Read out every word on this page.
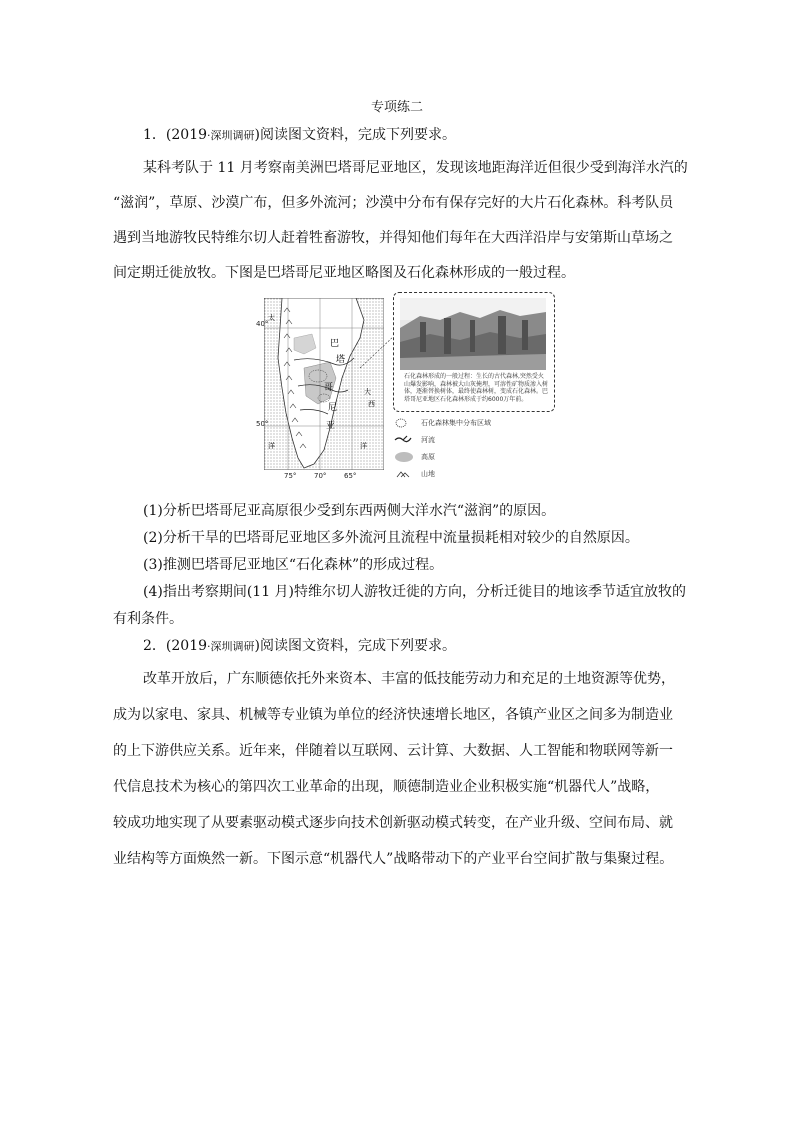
专项练二
1．(2019·深圳调研)阅读图文资料，完成下列要求。
某科考队于 11 月考察南美洲巴塔哥尼亚地区，发现该地距海洋近但很少受到海洋水汽的
“滋润”，草原、沙漠广布，但多外流河；沙漠中分布有保存完好的大片石化森林。科考队员
遇到当地游牧民特维尔切人赶着牲畜游牧，并得知他们每年在大西洋沿岸与安第斯山草场之
间定期迁徙放牧。下图是巴塔哥尼亚地区略图及石化森林形成的一般过程。
巴
塔
哥
尼
亚
太
洋
大
西
洋
40°
50°
75°	70°	65°
石化森林形成的一般过程：生长的古代森林,突然受火山爆发影响，森林被大山灰掩埋，可溶性矿物质渗入树体，逐渐替换树体，最终使森林树，变成石化森林。巴塔哥尼亚地区石化森林形成于约6000万年前。
石化森林集中分布区域
河流
高原
山地
(1)分析巴塔哥尼亚高原很少受到东西两侧大洋水汽“滋润”的原因。
(2)分析干旱的巴塔哥尼亚地区多外流河且流程中流量损耗相对较少的自然原因。
(3)推测巴塔哥尼亚地区“石化森林”的形成过程。
(4)指出考察期间(11 月)特维尔切人游牧迁徙的方向，分析迁徙目的地该季节适宜放牧的
有利条件。
2．(2019·深圳调研)阅读图文资料，完成下列要求。
改革开放后，广东顺德依托外来资本、丰富的低技能劳动力和充足的土地资源等优势，
成为以家电、家具、机械等专业镇为单位的经济快速增长地区，各镇产业区之间多为制造业
的上下游供应关系。近年来，伴随着以互联网、云计算、大数据、人工智能和物联网等新一
代信息技术为核心的第四次工业革命的出现，顺德制造业企业积极实施“机器代人”战略，
较成功地实现了从要素驱动模式逐步向技术创新驱动模式转变，在产业升级、空间布局、就
业结构等方面焕然一新。下图示意“机器代人”战略带动下的产业平台空间扩散与集聚过程。
